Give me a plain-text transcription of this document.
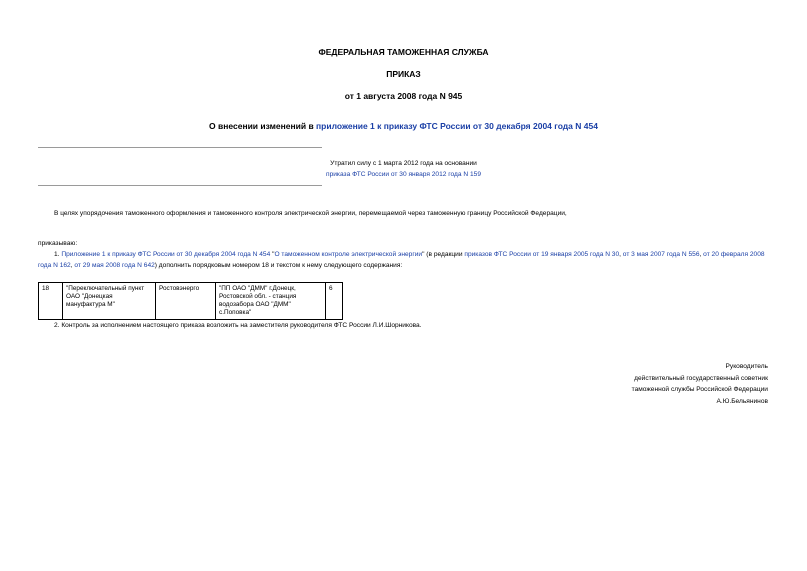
ФЕДЕРАЛЬНАЯ ТАМОЖЕННАЯ СЛУЖБА
ПРИКАЗ
от 1 августа 2008 года N 945
О внесении изменений в приложение 1 к приказу ФТС России от 30 декабря 2004 года N 454
Утратил силу с 1 марта 2012 года на основании
приказа ФТС России от 30 января 2012 года N 159
В целях упорядочения таможенного оформления и таможенного контроля электрической энергии, перемещаемой через таможенную границу Российской Федерации,
приказываю:
1. Приложение 1 к приказу ФТС России от 30 декабря 2004 года N 454 "О таможенном контроле электрической энергии" (в редакции приказов ФТС России от 19 января 2005 года N 30, от 3 мая 2007 года N 556, от 20 февраля 2008 года N 162, от 29 мая 2008 года N 642) дополнить порядковым номером 18 и текстом к нему следующего содержания:
18	"Переключательный пункт ОАО "Донецкая мануфактура М"	Ростовэнерго	"ПП ОАО "ДММ" г.Донецк, Ростовской обл. - станция водозабора ОАО "ДММ" с.Поповка"	6
2. Контроль за исполнением настоящего приказа возложить на заместителя руководителя ФТС России Л.И.Шорникова.
Руководитель
действительный государственный советник
таможенной службы Российской Федерации
А.Ю.Бельянинов
